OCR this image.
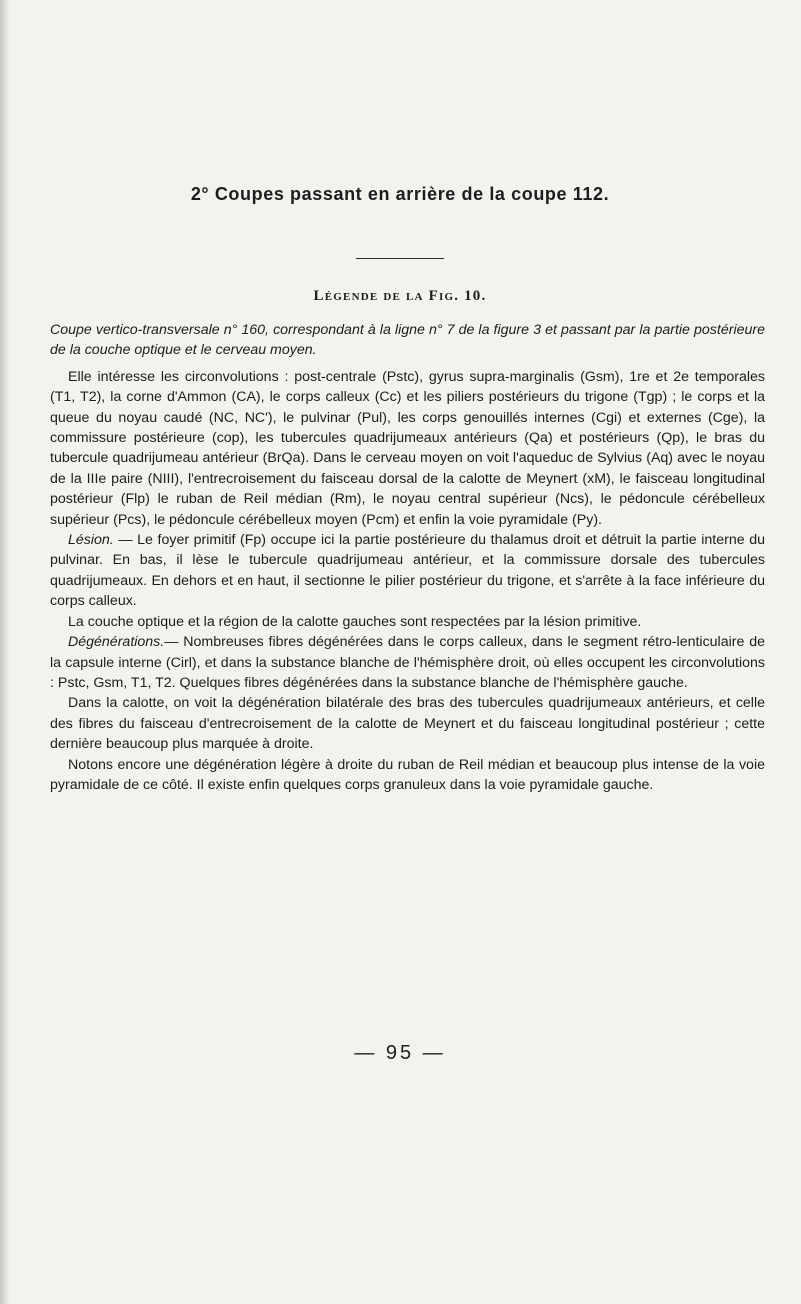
2° Coupes passant en arrière de la coupe 112.
Légende de la Fig. 10.

Coupe vertico-transversale n° 160, correspondant à la ligne n° 7 de la figure 3 et passant par la partie postérieure de la couche optique et le cerveau moyen.

Elle intéresse les circonvolutions : post-centrale (Pstc), gyrus supra-marginalis (Gsm), 1re et 2e temporales (T1, T2), la corne d'Ammon (CA), le corps calleux (Cc) et les piliers postérieurs du trigone (Tgp) ; le corps et la queue du noyau caudé (NC, NC'), le pulvinar (Pul), les corps genouillés internes (Cgi) et externes (Cge), la commissure postérieure (cop), les tubercules quadrijumeaux antérieurs (Qa) et postérieurs (Qp), le bras du tubercule quadrijumeau antérieur (BrQa). Dans le cerveau moyen on voit l'aqueduc de Sylvius (Aq) avec le noyau de la IIIe paire (NIII), l'entrecroisement du faisceau dorsal de la calotte de Meynert (xM), le faisceau longitudinal postérieur (Flp) le ruban de Reil médian (Rm), le noyau central supérieur (Ncs), le pédoncule cérébelleux supérieur (Pcs), le pédoncule cérébelleux moyen (Pcm) et enfin la voie pyramidale (Py).

Lésion. — Le foyer primitif (Fp) occupe ici la partie postérieure du thalamus droit et détruit la partie interne du pulvinar. En bas, il lèse le tubercule quadrijumeau antérieur, et la commissure dorsale des tubercules quadrijumeaux. En dehors et en haut, il sectionne le pilier postérieur du trigone, et s'arrête à la face inférieure du corps calleux.

La couche optique et la région de la calotte gauches sont respectées par la lésion primitive.

Dégénérations.— Nombreuses fibres dégénérées dans le corps calleux, dans le segment rétro-lenticulaire de la capsule interne (Cirl), et dans la substance blanche de l'hémisphère droit, où elles occupent les circonvolutions : Pstc, Gsm, T1, T2. Quelques fibres dégénérées dans la substance blanche de l'hémisphère gauche.

Dans la calotte, on voit la dégénération bilatérale des bras des tubercules quadrijumeaux antérieurs, et celle des fibres du faisceau d'entrecroisement de la calotte de Meynert et du faisceau longitudinal postérieur ; cette dernière beaucoup plus marquée à droite.

Notons encore une dégénération légère à droite du ruban de Reil médian et beaucoup plus intense de la voie pyramidale de ce côté. Il existe enfin quelques corps granuleux dans la voie pyramidale gauche.

— 95 —
